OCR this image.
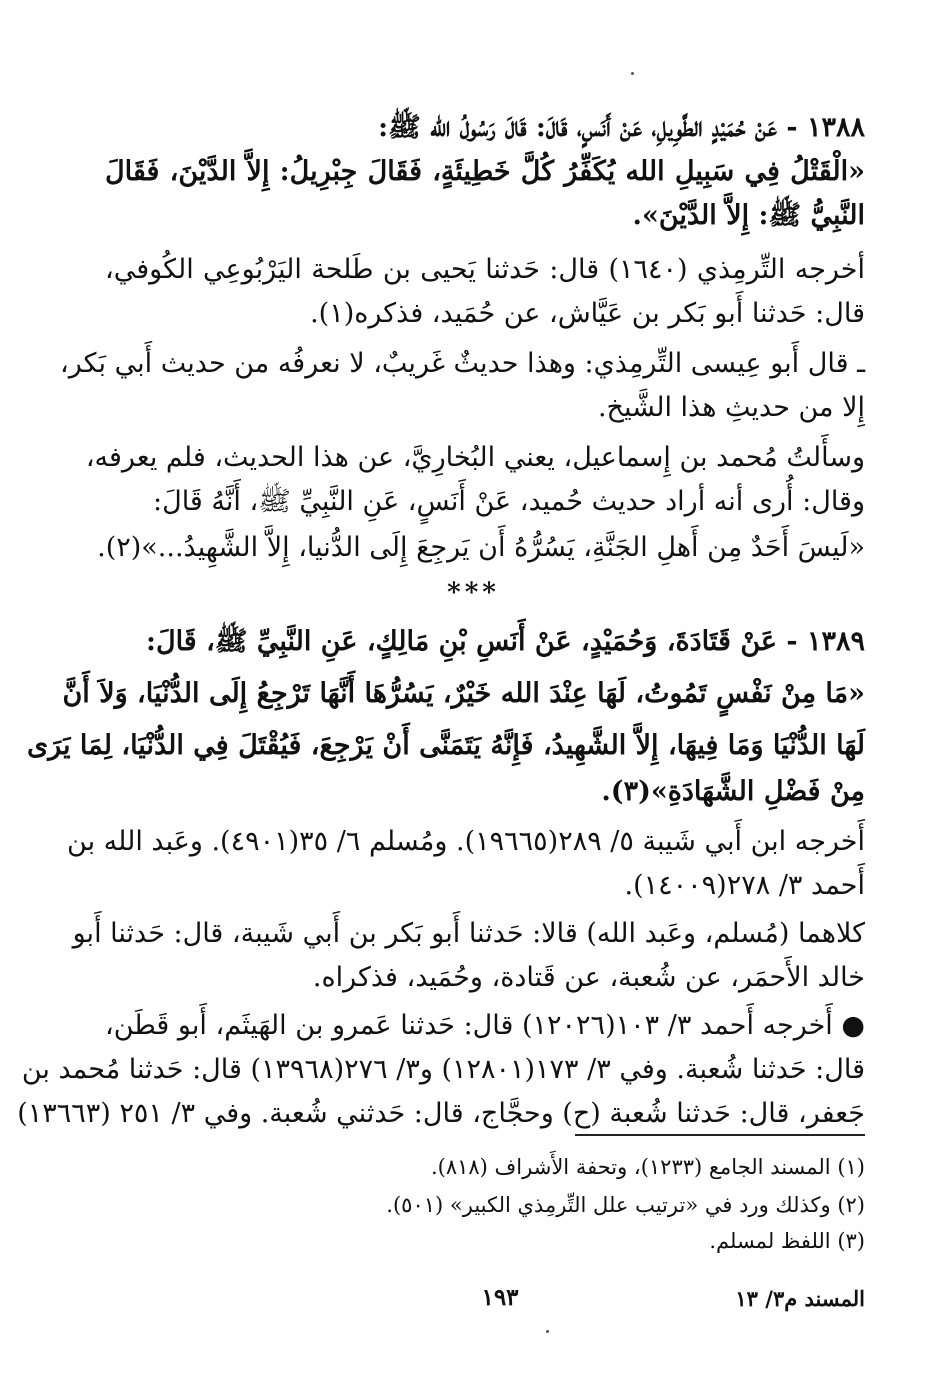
١٣٨٨ - عَنْ حُمَيْدٍ الطَّوِيلِ، عَنْ أَنَسٍ، قَالَ: قَالَ رَسُولُ الله ﷺ:
«الْقَتْلُ فِي سَبِيلِ الله يُكَفِّرُ كُلَّ خَطِيئَةٍ، فَقَالَ جِبْرِيلُ: إِلاَّ الدَّيْنَ، فَقَالَ
النَّبِيُّ ﷺ: إِلاَّ الدَّيْنَ».
أخرجه التِّرمِذي (١٦٤٠) قال: حَدثنا يَحيى بن طَلحة اليَرْبُوعِي الكُوفي،
قال: حَدثنا أَبو بَكر بن عَيَّاش، عن حُمَيد، فذكره(١).
ـ قال أَبو عِيسى التِّرمِذي: وهذا حديثٌ غَريبٌ، لا نعرفُه من حديث أَبي بَكر،
إِلا من حديثِ هذا الشَّيخ.
وسأَلتُ مُحمد بن إِسماعيل، يعني البُخارِيَّ، عن هذا الحديث، فلم يعرفه،
وقال: أُرى أنه أراد حديث حُميد، عَنْ أَنَسٍ، عَنِ النَّبِيِّ ﷺ، أَنَّهُ قَالَ:
«لَيسَ أَحَدٌ مِن أَهلِ الجَنَّةِ، يَسُرُّهُ أَن يَرجِعَ إِلَى الدُّنيا، إِلاَّ الشَّهِيدُ...»(٢).
***
١٣٨٩ - عَنْ قَتَادَةَ، وَحُمَيْدٍ، عَنْ أَنَسِ بْنِ مَالِكٍ، عَنِ النَّبِيِّ ﷺ، قَالَ:
«مَا مِنْ نَفْسٍ تَمُوتُ، لَهَا عِنْدَ الله خَيْرٌ، يَسُرُّهَا أَنَّهَا تَرْجِعُ إِلَى الدُّنْيَا، وَلاَ أَنَّ
لَهَا الدُّنْيَا وَمَا فِيهَا، إِلاَّ الشَّهِيدُ، فَإِنَّهُ يَتَمَنَّى أَنْ يَرْجِعَ، فَيُقْتَلَ فِي الدُّنْيَا، لِمَا يَرَى
مِنْ فَضْلِ الشَّهَادَةِ»(٣).
أَخرجه ابن أَبي شَيبة ٥/ ٢٨٩(١٩٦٦٥). ومُسلم ٦/ ٣٥(٤٩٠١). وعَبد الله بن
أَحمد ٣/ ٢٧٨(١٤٠٠٩).
كلاهما (مُسلم، وعَبد الله) قالا: حَدثنا أَبو بَكر بن أَبي شَيبة، قال: حَدثنا أَبو
خالد الأَحمَر، عن شُعبة، عن قَتادة، وحُمَيد، فذكراه.
● أَخرجه أَحمد ٣/ ١٠٣(١٢٠٢٦) قال: حَدثنا عَمرو بن الهَيثَم، أَبو قَطَن،
قال: حَدثنا شُعبة. وفي ٣/ ١٧٣(١٢٨٠١) و٣/ ٢٧٦(١٣٩٦٨) قال: حَدثنا مُحمد بن
جَعفر، قال: حَدثنا شُعبة (ح) وحجَّاج، قال: حَدثني شُعبة. وفي ٣/ ٢٥١ (١٣٦٦٣)
(١) المسند الجامع (١٢٣٣)، وتحفة الأَشراف (٨١٨).
(٢) وكذلك ورد في «ترتيب علل التِّرمِذي الكبير» (٥٠١).
(٣) اللفظ لمسلم.
المسند م٣/ ١٣
١٩٣
